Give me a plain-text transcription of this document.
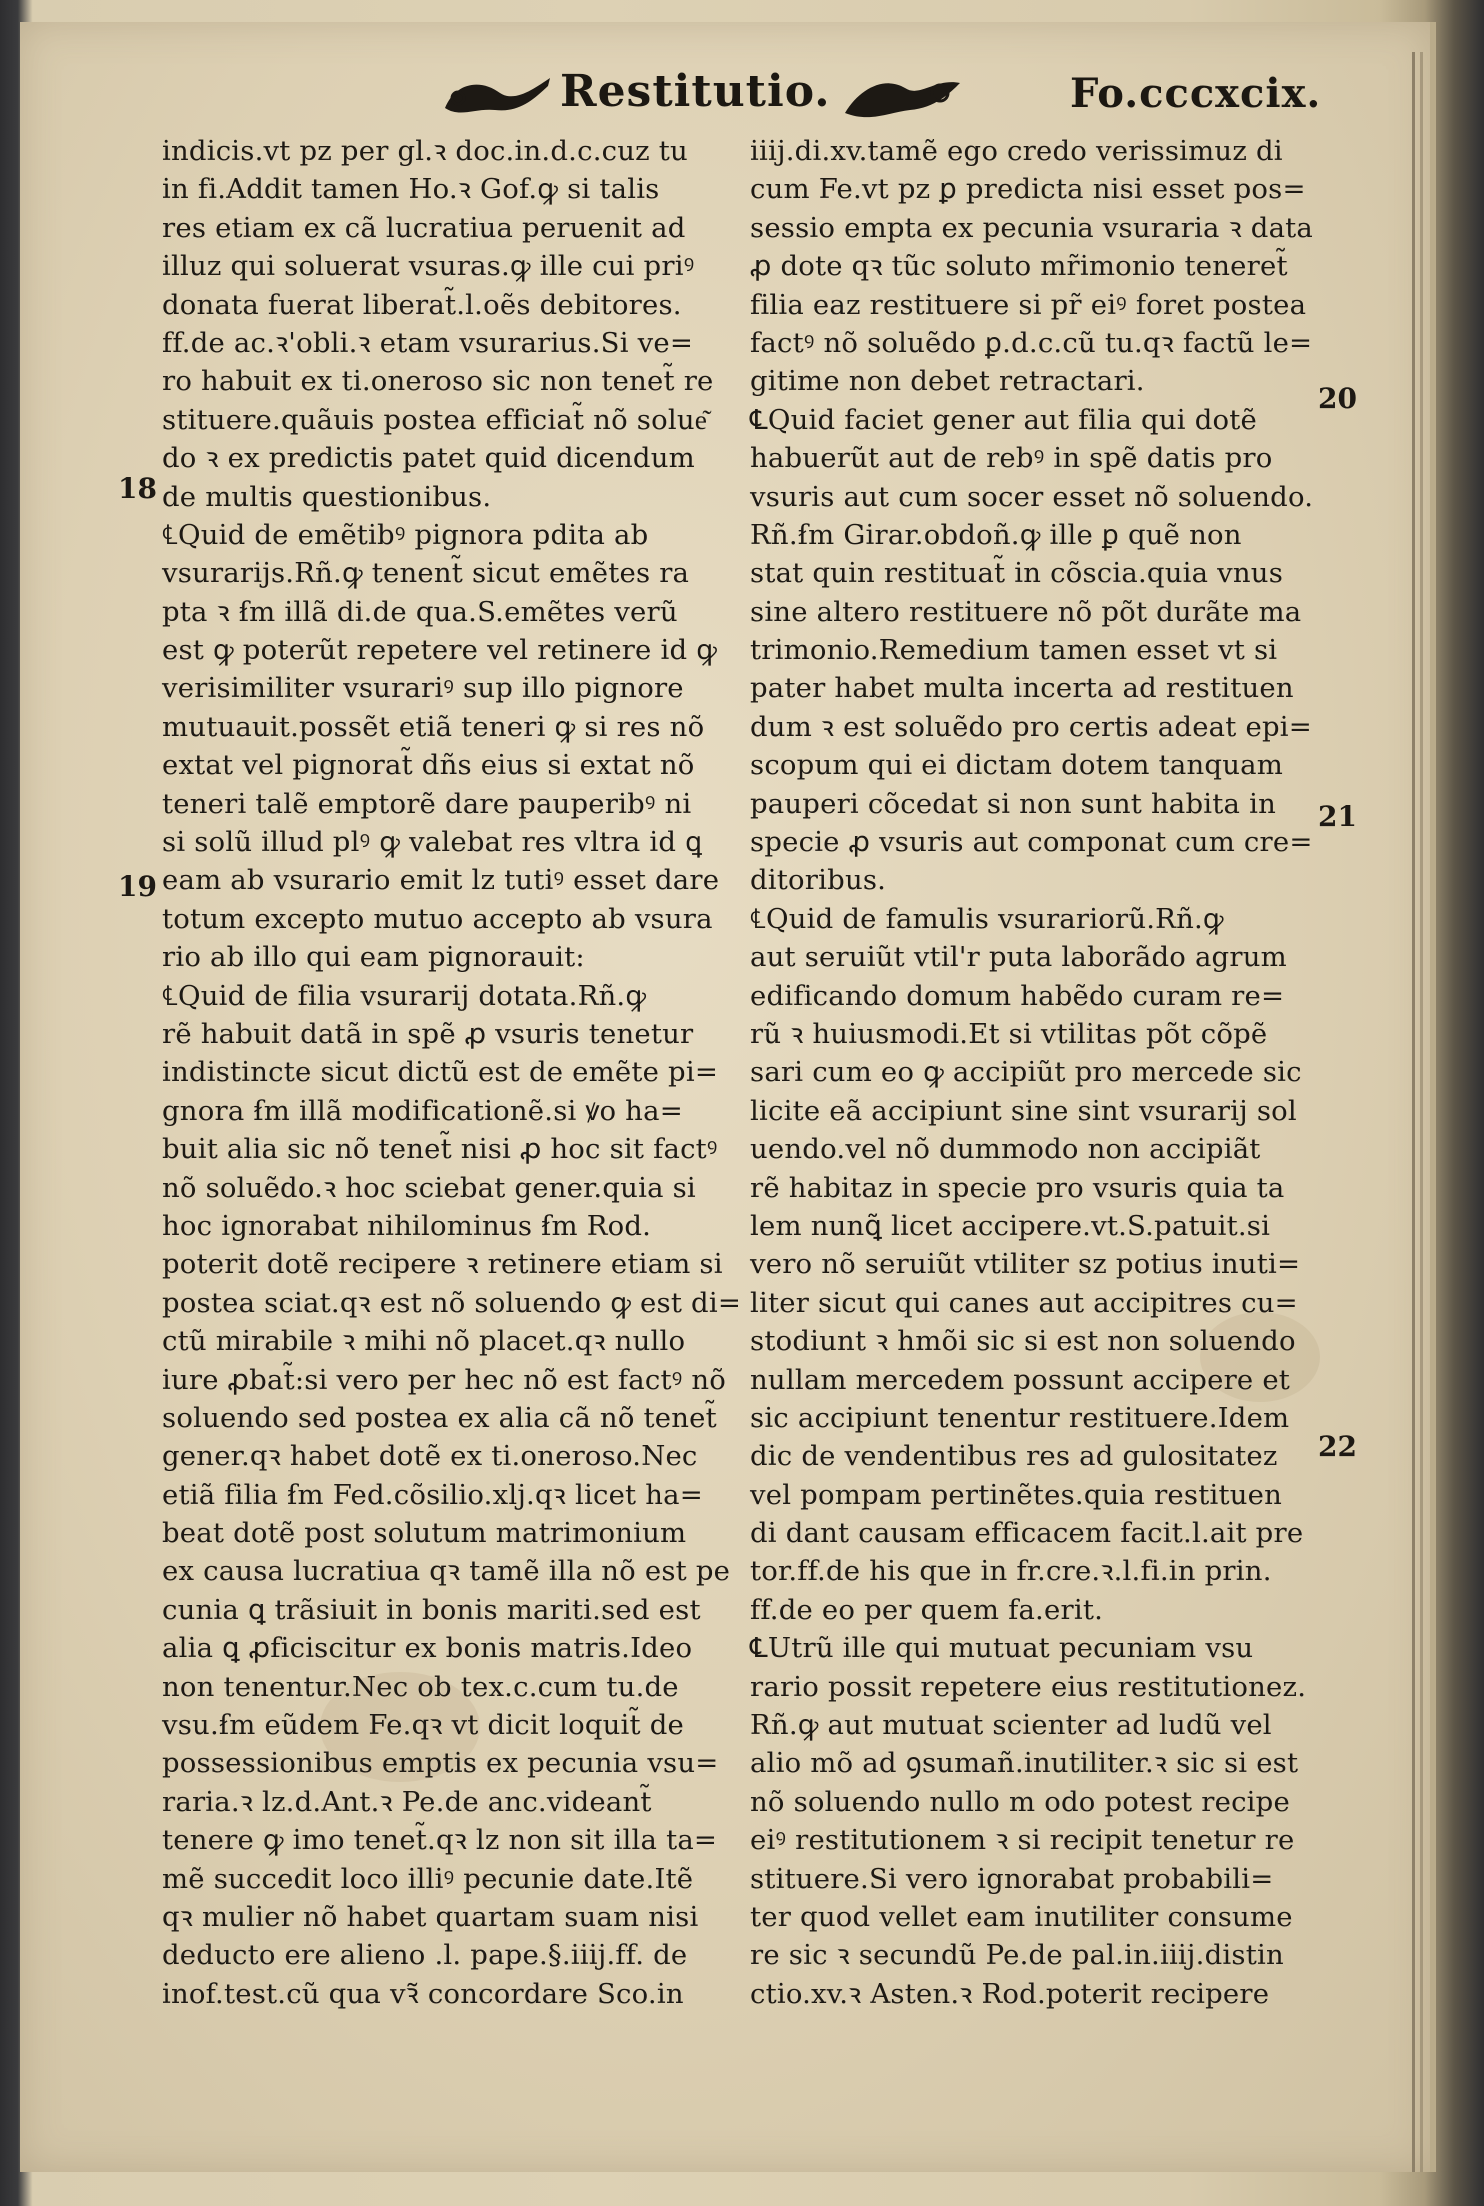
Restitutio.	Fo.cccxcix.
indicis.vt pz per gl.ꝛ doc.in.d.c.cuz tu
in fi.Addit tamen Ho.ꝛ Gof.ꝙ si talis
res etiam ex cã lucratiua peruenit ad
illuz qui soluerat vsuras.ꝙ ille cui priꝰ
donata fuerat liberat̃.l.oẽs debitores.
ff.de ac.ꝛ'obli.ꝛ etam vsurarius.Si ve=
ro habuit ex ti.oneroso sic non tenet̃ re
stituere.quãuis postea efficiat̃ nõ solue͂
do ꝛ ex predictis patet quid dicendum
de multis questionibus.
℄Quid de emẽtibꝰ pignora pdita ab
vsurarijs.Rñ.ꝙ tenent̃ sicut emẽtes ra
pta ꝛ ẜm illã di.de qua.S.emẽtes verũ
est ꝙ poterũt repetere vel retinere id ꝙ
verisimiliter vsurariꝰ sup illo pignore
mutuauit.possẽt etiã teneri ꝙ si res nõ
extat vel pignorat̃ dñs eius si extat nõ
teneri talẽ emptorẽ dare pauperibꝰ ni
si solũ illud plꝰ ꝙ valebat res vltra id ꝗ
eam ab vsurario emit lz tutiꝰ esset dare
totum excepto mutuo accepto ab vsura
rio ab illo qui eam pignorauit:
℄Quid de filia vsurarij dotata.Rñ.ꝙ
rẽ habuit datã in spẽ ꝓ vsuris tenetur
indistincte sicut dictũ est de emẽte pi=
gnora ẜm illã modificationẽ.si ꝟo ha=
buit alia sic nõ tenet̃ nisi ꝓ hoc sit factꝰ
nõ soluẽdo.ꝛ hoc sciebat gener.quia si
hoc ignorabat nihilominus ẜm Rod.
poterit dotẽ recipere ꝛ retinere etiam si
postea sciat.qꝛ est nõ soluendo ꝙ est di=
ctũ mirabile ꝛ mihi nõ placet.qꝛ nullo
iure ꝓbat̃:si vero per hec nõ est factꝰ nõ
soluendo sed postea ex alia cã nõ tenet̃
gener.qꝛ habet dotẽ ex ti.oneroso.Nec
etiã filia ẜm Fed.cõsilio.xlj.qꝛ licet ha=
beat dotẽ post solutum matrimonium
ex causa lucratiua qꝛ tamẽ illa nõ est pe
cunia ꝗ trãsiuit in bonis mariti.sed est
alia ꝗ ꝓficiscitur ex bonis matris.Ideo
non tenentur.Nec ob tex.c.cum tu.de
vsu.ẜm eũdem Fe.qꝛ vt dicit loquit̃ de
possessionibus emptis ex pecunia vsu=
raria.ꝛ lz.d.Ant.ꝛ Pe.de anc.videant̃
tenere ꝙ imo tenet̃.qꝛ lz non sit illa ta=
mẽ succedit loco illiꝰ pecunie date.Itẽ
qꝛ mulier nõ habet quartam suam nisi
deducto ere alieno .l. pape.§.iiij.ff. de
inof.test.cũ qua vꝛ̃ concordare Sco.in
iiij.di.xv.tamẽ ego credo verissimuz di
cum Fe.vt pz ꝑ predicta nisi esset pos=
sessio empta ex pecunia vsuraria ꝛ data
ꝓ dote qꝛ tũc soluto mr̃imonio teneret̃
filia eaz restituere si pr̃ eiꝰ foret postea
factꝰ nõ soluẽdo ꝑ.d.c.cũ tu.qꝛ factũ le=
gitime non debet retractari.
℄Quid faciet gener aut filia qui dotẽ
habuerũt aut de rebꝰ in spẽ datis pro
vsuris aut cum socer esset nõ soluendo.
Rñ.ẜm Girar.obdoñ.ꝙ ille ꝑ quẽ non
stat quin restituat̃ in cõscia.quia vnus
sine altero restituere nõ põt durãte ma
trimonio.Remedium tamen esset vt si
pater habet multa incerta ad restituen
dum ꝛ est soluẽdo pro certis adeat epi=
scopum qui ei dictam dotem tanquam
pauperi cõcedat si non sunt habita in
specie ꝓ vsuris aut componat cum cre=
ditoribus.
℄Quid de famulis vsurariorũ.Rñ.ꝙ
aut seruiũt vtil'r puta laborãdo agrum
edificando domum habẽdo curam re=
rũ ꝛ huiusmodi.Et si vtilitas põt cõpẽ
sari cum eo ꝙ accipiũt pro mercede sic
licite eã accipiunt sine sint vsurarij sol
uendo.vel nõ dummodo non accipiãt
rẽ habitaz in specie pro vsuris quia ta
lem nunꝗ̃ licet accipere.vt.S.patuit.si
vero nõ seruiũt vtiliter sz potius inuti=
liter sicut qui canes aut accipitres cu=
stodiunt ꝛ hmõi sic si est non soluendo
nullam mercedem possunt accipere et
sic accipiunt tenentur restituere.Idem
dic de vendentibus res ad gulositatez
vel pompam pertinẽtes.quia restituen
di dant causam efficacem facit.l.ait pre
tor.ff.de his que in fr.cre.ꝛ.l.fi.in prin.
ff.de eo per quem fa.erit.
℄Utrũ ille qui mutuat pecuniam vsu
rario possit repetere eius restitutionez.
Rñ.ꝙ aut mutuat scienter ad ludũ vel
alio mõ ad ꝯsumañ.inutiliter.ꝛ sic si est
nõ soluendo nullo m odo potest recipe
eiꝰ restitutionem ꝛ si recipit tenetur re
stituere.Si vero ignorabat probabili=
ter quod vellet eam inutiliter consume
re sic ꝛ secundũ Pe.de pal.in.iiij.distin
ctio.xv.ꝛ Asten.ꝛ Rod.poterit recipere
18
19
20
21
22
